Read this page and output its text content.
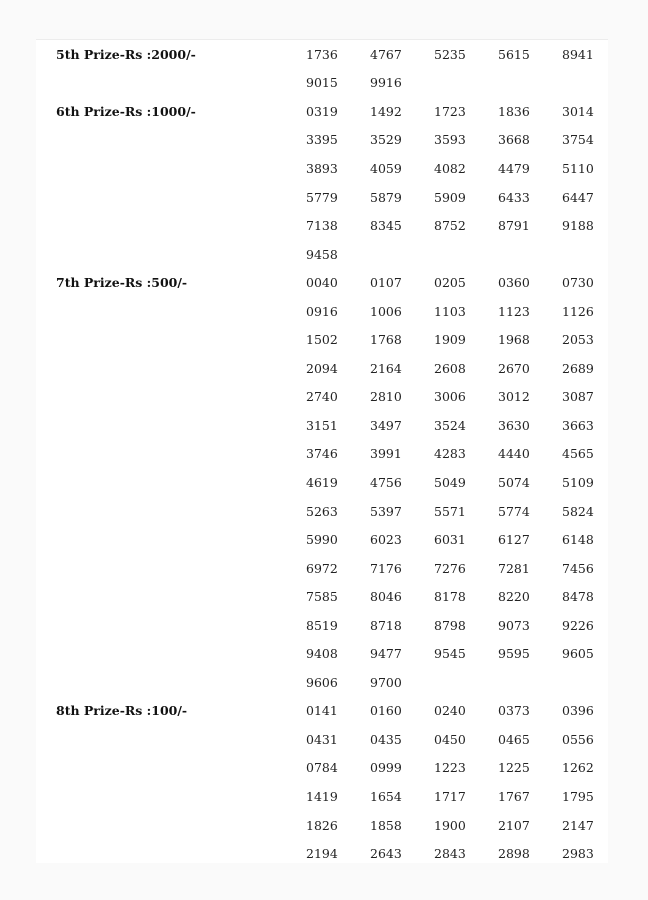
5th Prize-Rs :2000/-	1736	4767	5235	5615	8941
	9015	9916			
6th Prize-Rs :1000/-	0319	1492	1723	1836	3014
	3395	3529	3593	3668	3754
	3893	4059	4082	4479	5110
	5779	5879	5909	6433	6447
	7138	8345	8752	8791	9188
	9458				
7th Prize-Rs :500/-	0040	0107	0205	0360	0730
	0916	1006	1103	1123	1126
	1502	1768	1909	1968	2053
	2094	2164	2608	2670	2689
	2740	2810	3006	3012	3087
	3151	3497	3524	3630	3663
	3746	3991	4283	4440	4565
	4619	4756	5049	5074	5109
	5263	5397	5571	5774	5824
	5990	6023	6031	6127	6148
	6972	7176	7276	7281	7456
	7585	8046	8178	8220	8478
	8519	8718	8798	9073	9226
	9408	9477	9545	9595	9605
	9606	9700			
8th Prize-Rs :100/-	0141	0160	0240	0373	0396
	0431	0435	0450	0465	0556
	0784	0999	1223	1225	1262
	1419	1654	1717	1767	1795
	1826	1858	1900	2107	2147
	2194	2643	2843	2898	2983
